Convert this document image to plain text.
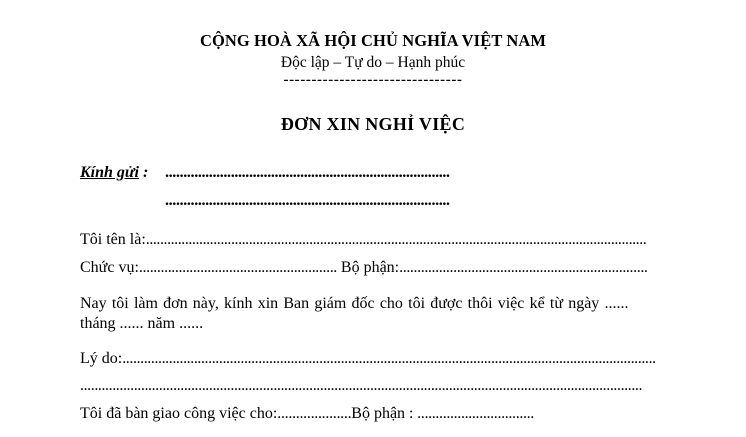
CỘNG HOÀ XÃ HỘI CHỦ NGHĨA VIỆT NAM
Độc lập – Tự do – Hạnh phúc
--------------------------------
ĐƠN XIN NGHỈ VIỆC
Kính gửi : ..............................................................................
..............................................................................
Tôi tên là:.............................................................................................................................................
Chức vụ:....................................................... Bộ phận:.....................................................................
Nay tôi làm đơn này, kính xin Ban giám đốc cho tôi được thôi việc kể từ ngày ......
tháng ...... năm ......
Lý do:.....................................................................................................................................................
.............................................................................................................................................................
Tôi đã bàn giao công việc cho:....................Bộ phận : ................................
